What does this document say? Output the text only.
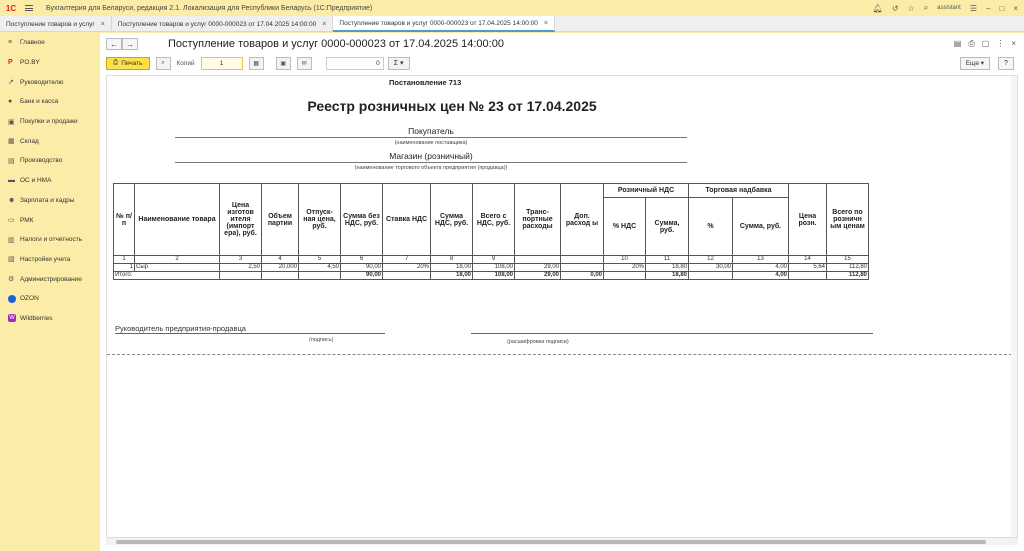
1С	Бухгалтерия для Беларуси, редакция 2.1. Локализация для Республики Беларусь (1С:Предприятие)	🔔︎ ↺ ☆ ⌕ assistant ☰ – □ ×
Поступление товаров и услуг × Поступление товаров и услуг 0000-000023 от 17.04.2025 14:00:00 × Поступление товаров и услуг 0000-000023 от 17.04.2025 14:00:00 ×
≡	Главное
Р	PO.BY
↗ Руководителю
●	Банк и касса
▣ Покупки и продажи
▦ Склад
▤ Производство
▬ ОС и НМА
☻ Зарплата и кадры
▭ РМК
▥ Налоги и отчетность
▧ Настройки учета
⚙ Администрирование
OZON
W Wildberries
←	→	Поступление товаров и услуг 0000-000023 от 17.04.2025 14:00:00	▤ ⎙ ▢ ⋮ ×
⎙ Печать	⌕ Копий	1	▦	▣	✉	0	Σ ▾	Еще ▾	?
Постановление 713
Реестр розничных цен № 23 от 17.04.2025
Покупатель
(наименование поставщика)
Магазин (розничный)
(наименование торгового объекта предприятия (продавца))
№ п/п	Наименование товара	Цена изготов ителя (импорт ера), руб.	Объем партии	Отпуск- ная цена, руб.	Сумма без НДС, руб.	Ставка НДС	Сумма НДС, руб.	Всего с НДС, руб.	Транс- портные расходы	Доп. расход ы	Розничный НДС		Торговая надбавка		Цена розн.	Всего по розничн ым ценам
											% НДС	Сумма, руб.	%	Сумма, руб.		
1	2	3	4	5	6	7	8	9			10	11	12	13	14	15
1	Сыр	2,50	20,000	4,50	90,00	20%	18,00	108,00	29,00		20%	18,80	30,00	4,00	5,64	112,80
Итого:					90,00		18,00	108,00	29,00	0,00		18,80		4,00		112,80
Руководитель предприятия-продавца
(подпись)	(расшифровка подписи)
